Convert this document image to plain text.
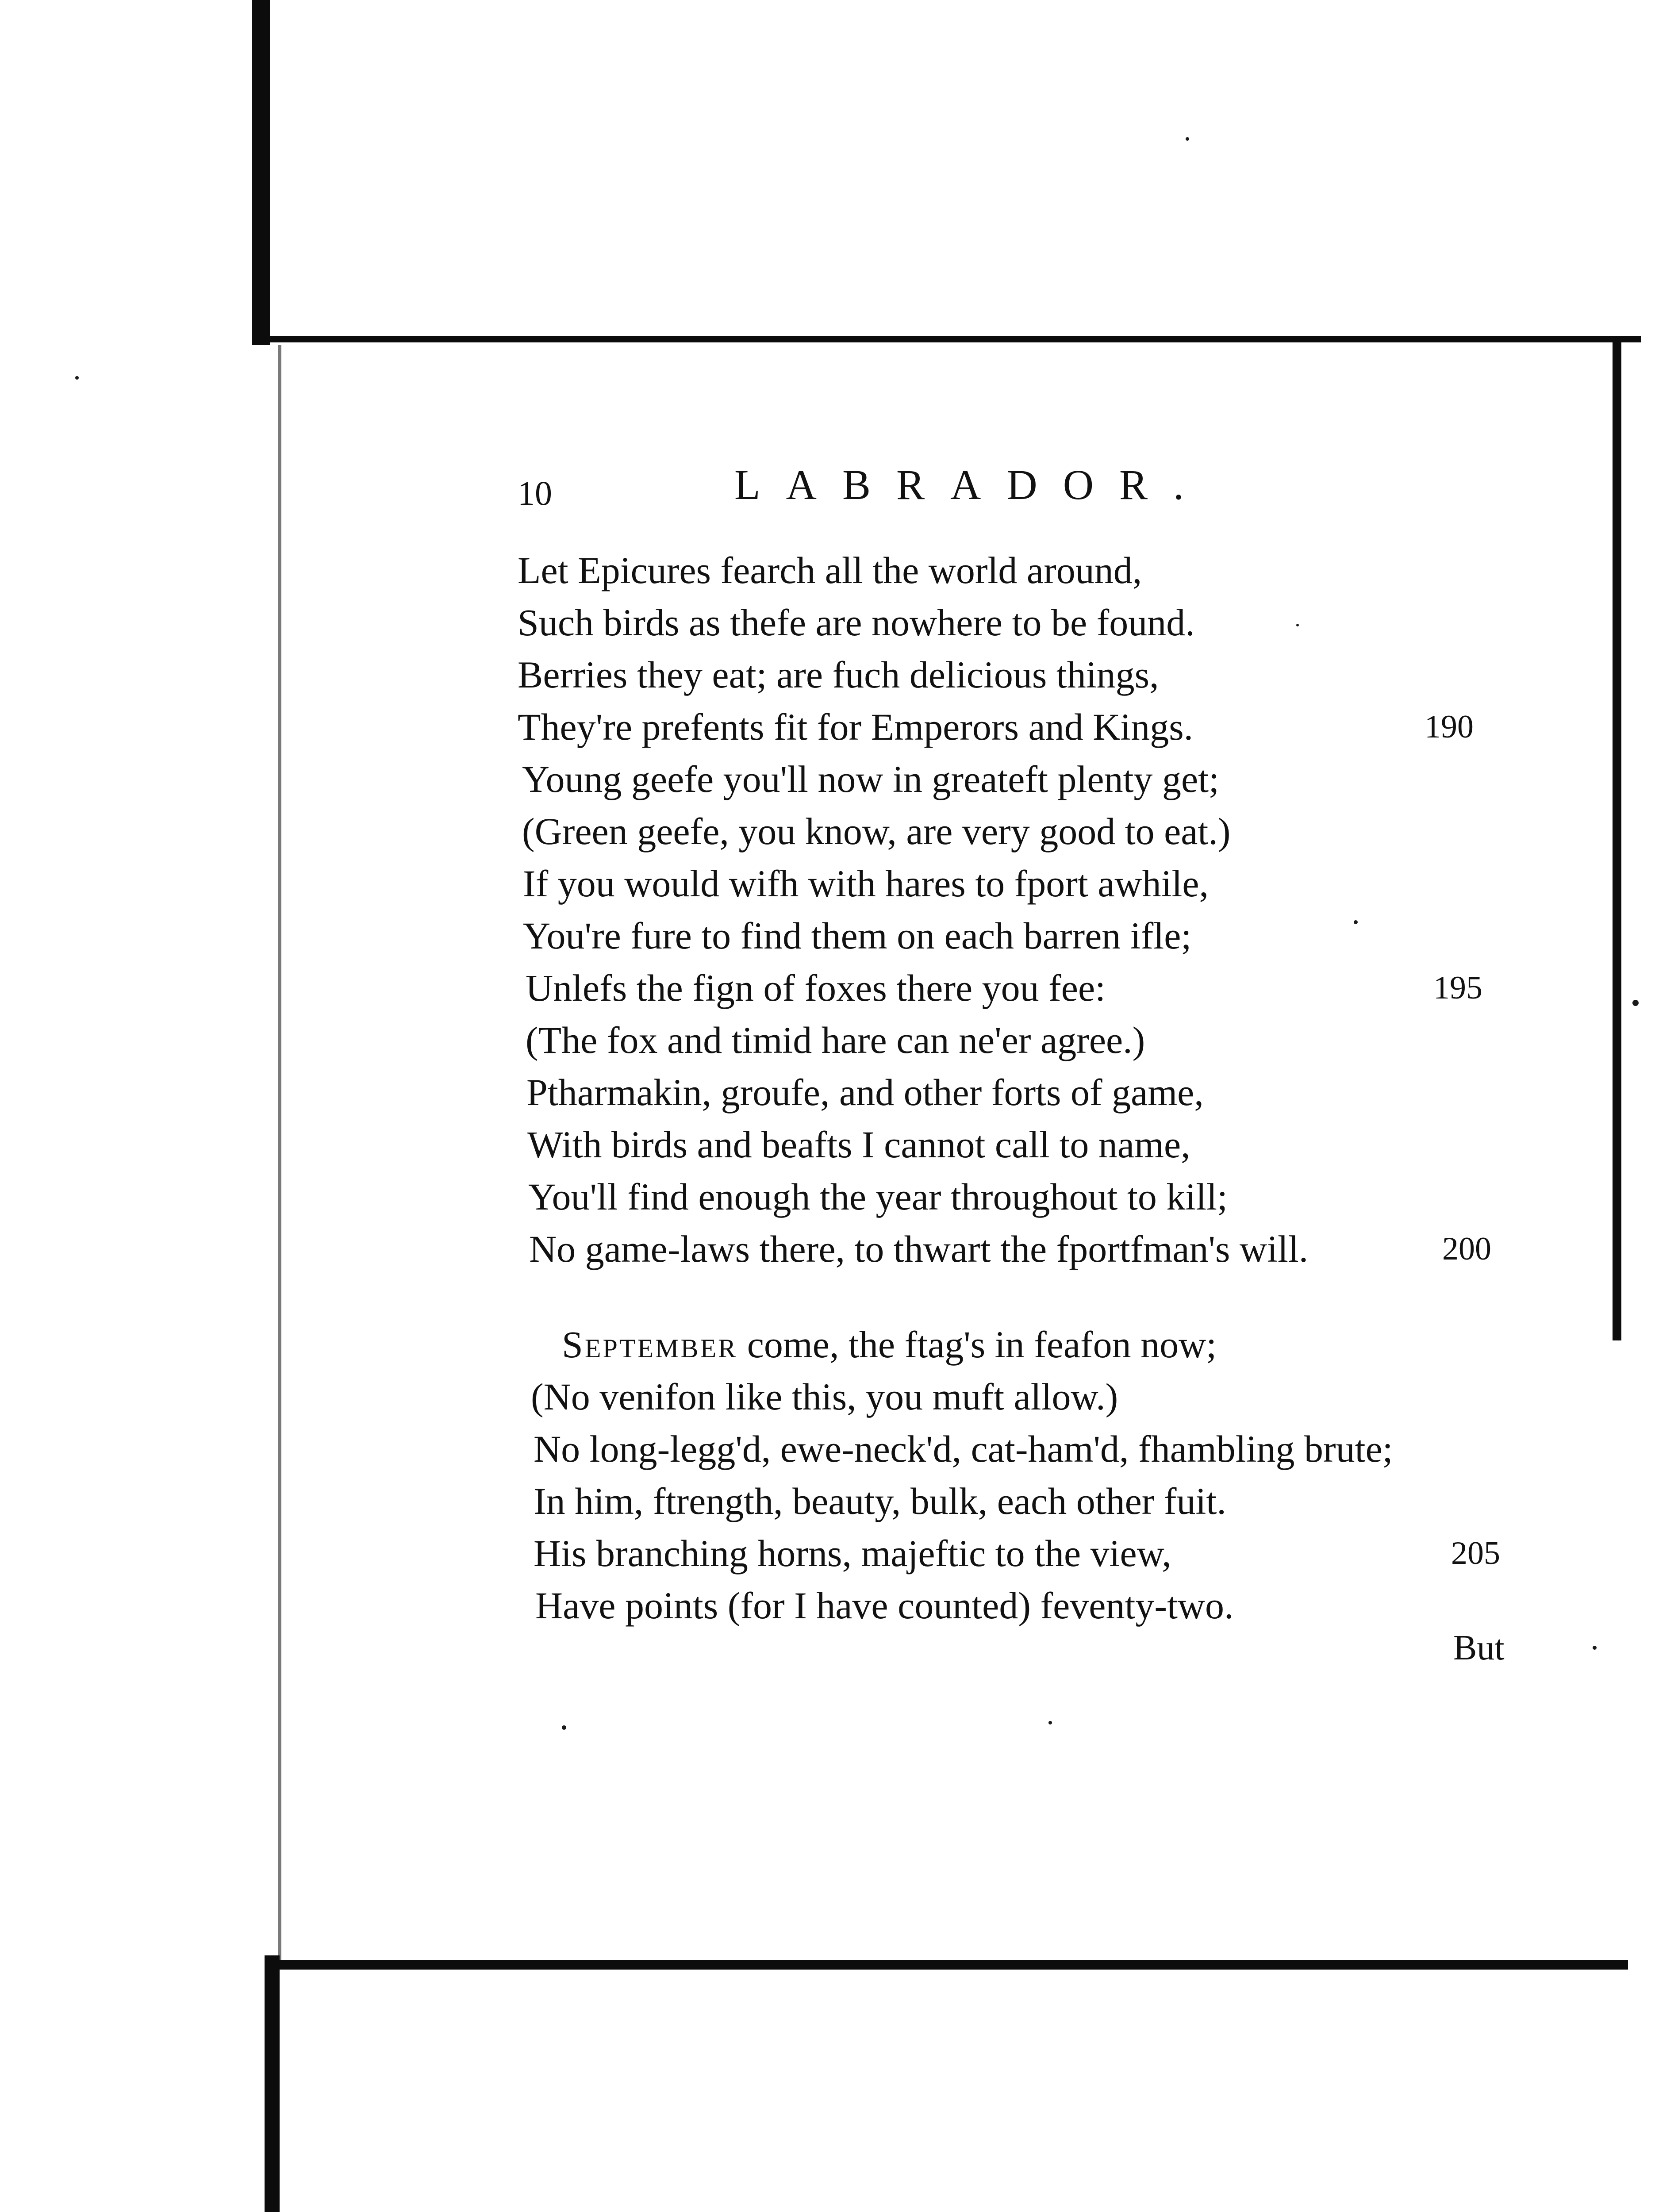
10	LABRADOR.
Let Epicures fearch all the world around,
Such birds as thefe are nowhere to be found.
Berries they eat; are fuch delicious things,
They're prefents fit for Emperors and Kings.	190
Young geefe you'll now in greateft plenty get;
(Green geefe, you know, are very good to eat.)
If you would wifh with hares to fport awhile,
You're fure to find them on each barren ifle;
Unlefs the fign of foxes there you fee:	195
(The fox and timid hare can ne'er agree.)
Ptharmakin, groufe, and other forts of game,
With birds and beafts I cannot call to name,
You'll find enough the year throughout to kill;
No game-laws there, to thwart the fportfman's will.	200
September come, the ftag's in feafon now;
(No venifon like this, you muft allow.)
No long-legg'd, ewe-neck'd, cat-ham'd, fhambling brute;
In him, ftrength, beauty, bulk, each other fuit.
His branching horns, majeftic to the view,	205
Have points (for I have counted) feventy-two.
But
